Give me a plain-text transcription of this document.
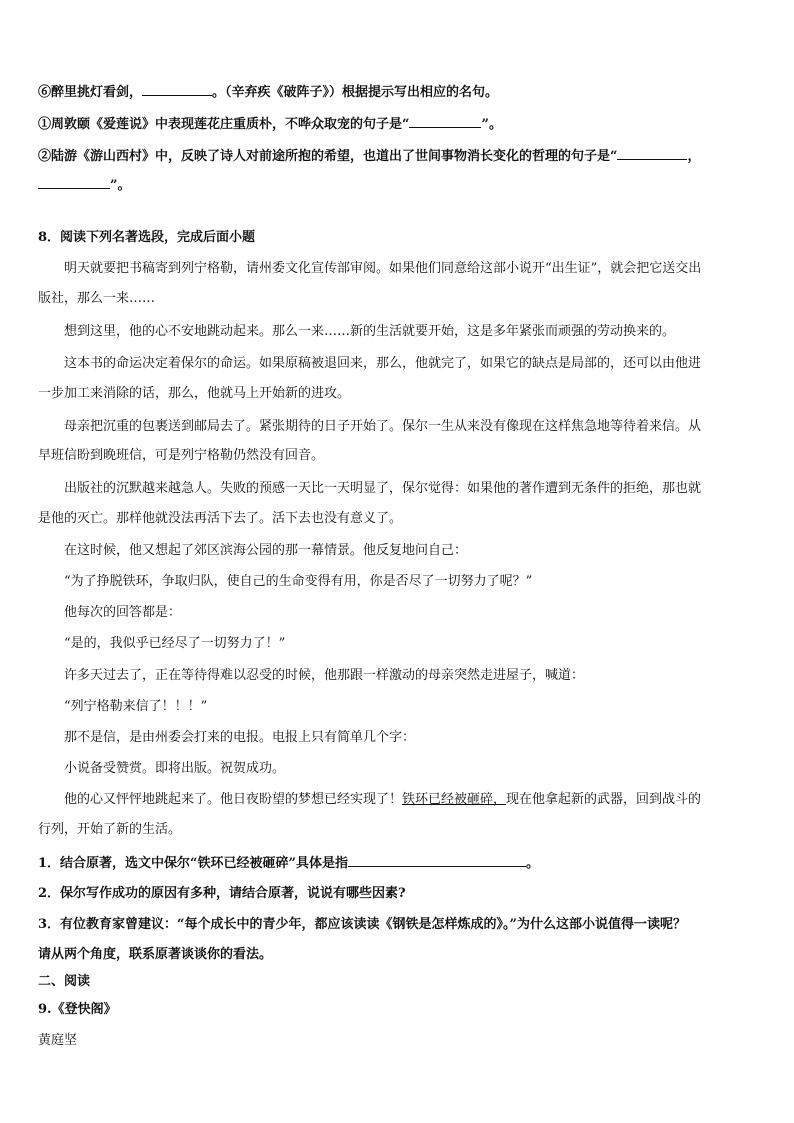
⑥醉里挑灯看剑，	。（辛弃疾《破阵子》）根据提示写出相应的名句。
①周敦颐《爱莲说》中表现莲花庄重质朴，不哗众取宠的句子是“	”。
②陆游《游山西村》中，反映了诗人对前途所抱的希望，也道出了世间事物消长变化的哲理的句子是“	，
”。
8．阅读下列名著选段，完成后面小题
明天就要把书稿寄到列宁格勒，请州委文化宣传部审阅。如果他们同意给这部小说开“出生证”，就会把它送交出
版社，那么一来……
想到这里，他的心不安地跳动起来。那么一来……新的生活就要开始，这是多年紧张而顽强的劳动换来的。
这本书的命运决定着保尔的命运。如果原稿被退回来，那么，他就完了，如果它的缺点是局部的，还可以由他进
一步加工来消除的话，那么，他就马上开始新的进攻。
母亲把沉重的包裹送到邮局去了。紧张期待的日子开始了。保尔一生从来没有像现在这样焦急地等待着来信。从
早班信盼到晚班信，可是列宁格勒仍然没有回音。
出版社的沉默越来越急人。失败的预感一天比一天明显了，保尔觉得：如果他的著作遭到无条件的拒绝，那也就
是他的灭亡。那样他就没法再活下去了。活下去也没有意义了。
在这时候，他又想起了郊区滨海公园的那一幕情景。他反复地问自己：
“为了挣脱铁环，争取归队，使自己的生命变得有用，你是否尽了一切努力了呢？”
他每次的回答都是：
“是的，我似乎已经尽了一切努力了！”
许多天过去了，正在等待得难以忍受的时候，他那跟一样激动的母亲突然走进屋子，喊道：
“列宁格勒来信了！！！”
那不是信，是由州委会打来的电报。电报上只有简单几个字：
小说备受赞赏。即将出版。祝贺成功。
他的心又怦怦地跳起来了。他日夜盼望的梦想已经实现了！铁环已经被砸碎，现在他拿起新的武器，回到战斗的
行列，开始了新的生活。
1．结合原著，选文中保尔“铁环已经被砸碎”具体是指	。
2．保尔写作成功的原因有多种，请结合原著，说说有哪些因素?
3．有位教育家曾建议：“每个成长中的青少年，都应该读读《钢铁是怎样炼成的》。”为什么这部小说值得一读呢？
请从两个角度，联系原著谈谈你的看法。
二、阅读
9.《登快阁》
黄庭坚
